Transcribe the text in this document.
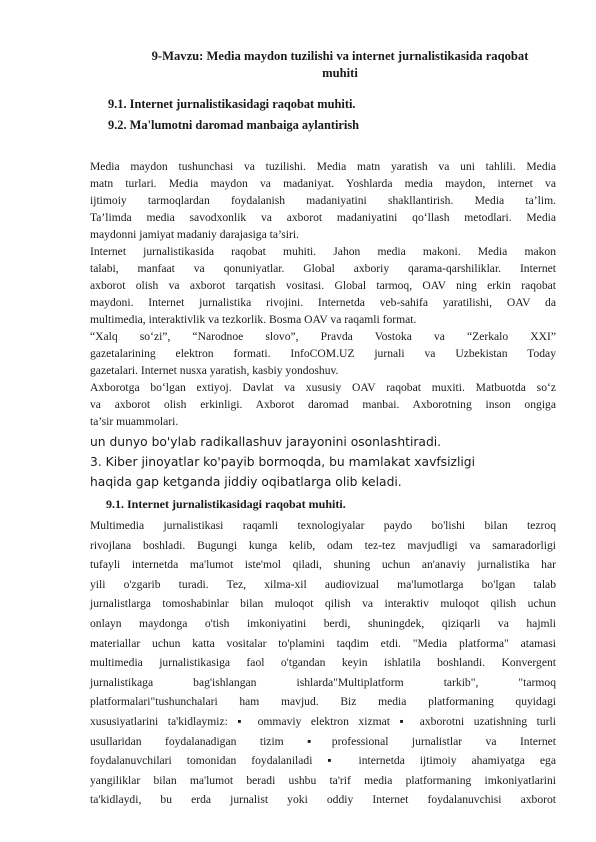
9-Mavzu: Media maydon tuzilishi va internet jurnalistikasida raqobat
muhiti

9.1. Internet jurnalistikasidagi raqobat muhiti.

9.2. Ma'lumotni daromad manbaiga aylantirish

Media maydon tushunchasi va tuzilishi. Media matn yaratish va uni tahlili. Media
matn turlari. Media maydon va madaniyat. Yoshlarda media maydon, internet va
ijtimoiy tarmoqlardan foydalanish madaniyatini shakllantirish. Media ta’lim.
Ta’limda media savodxonlik va axborot madaniyatini qo‘llash metodlari. Media
maydonni jamiyat madaniy darajasiga ta’siri.
Internet jurnalistikasida raqobat muhiti. Jahon media makoni. Media makon
talabi, manfaat va qonuniyatlar. Global axboriy qarama-qarshiliklar. Internet
axborot olish va axborot tarqatish vositasi. Global tarmoq, OAV ning erkin raqobat
maydoni. Internet jurnalistika rivojini. Internetda veb-sahifa yaratilishi, OAV da
multimedia, interaktivlik va tezkorlik. Bosma OAV va raqamli format.
“Xalq so‘zi”, “Narodnoe slovo”, Pravda Vostoka va “Zerkalo XXI”
gazetalarining elektron formati. InfoCOM.UZ jurnali va Uzbekistan Today
gazetalari. Internet nusxa yaratish, kasbiy yondoshuv.
Axborotga bo‘lgan extiyoj. Davlat va xususiy OAV raqobat muxiti. Matbuotda so‘z
va axborot olish erkinligi. Axborot daromad manbai. Axborotning inson ongiga
ta’sir muammolari.
un dunyo bo'ylab radikallashuv jarayonini osonlashtiradi.
3. Kiber jinoyatlar ko'payib bormoqda, bu mamlakat xavfsizligi
haqida gap ketganda jiddiy oqibatlarga olib keladi.

9.1. Internet jurnalistikasidagi raqobat muhiti.

Multimedia jurnalistikasi raqamli texnologiyalar paydo bo'lishi bilan tezroq
rivojlana boshladi. Bugungi kunga kelib, odam tez-tez mavjudligi va samaradorligi
tufayli internetda ma'lumot iste'mol qiladi, shuning uchun an'anaviy jurnalistika har
yili o'zgarib turadi. Tez, xilma-xil audiovizual ma'lumotlarga bo'lgan talab
jurnalistlarga tomoshabinlar bilan muloqot qilish va interaktiv muloqot qilish uchun
onlayn maydonga o'tish imkoniyatini berdi, shuningdek, qiziqarli va hajmli
materiallar uchun katta vositalar to'plamini taqdim etdi. "Media platforma" atamasi
multimedia jurnalistikasiga faol o'tgandan keyin ishlatila boshlandi. Konvergent
jurnalistikaga bag'ishlangan ishlarda"Multiplatform tarkib", "tarmoq
platformalari"tushunchalari ham mavjud. Biz media platformaning quyidagi
xususiyatlarini ta'kidlaymiz: ▪ ommaviy elektron xizmat ▪ axborotni uzatishning turli
usullaridan foydalanadigan tizim ▪professional jurnalistlar va Internet
foydalanuvchilari tomonidan foydalaniladi ▪ internetda ijtimoiy ahamiyatga ega
yangiliklar bilan ma'lumot beradi ushbu ta'rif media platformaning imkoniyatlarini
ta'kidlaydi, bu erda jurnalist yoki oddiy Internet foydalanuvchisi axborot
